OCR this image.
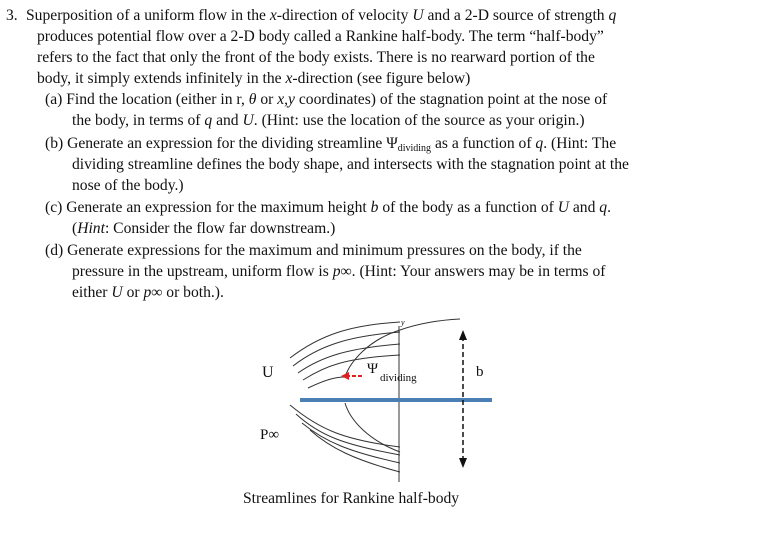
3. Superposition of a uniform flow in the x-direction of velocity U and a 2-D source of strength q
produces potential flow over a 2-D body called a Rankine half-body. The term “half-body”
refers to the fact that only the front of the body exists. There is no rearward portion of the
body, it simply extends infinitely in the x-direction (see figure below)
(a) Find the location (either in r, θ or x,y coordinates) of the stagnation point at the nose of
the body, in terms of q and U. (Hint: use the location of the source as your origin.)
(b) Generate an expression for the dividing streamline $\Psi_{dividing}$ as a function of q. (Hint: The
dividing streamline defines the body shape, and intersects with the stagnation point at the
nose of the body.)
(c) Generate an expression for the maximum height b of the body as a function of U and q.
(Hint: Consider the flow far downstream.)
(d) Generate expressions for the maximum and minimum pressures on the body, if the
pressure in the upstream, uniform flow is p∞. (Hint: Your answers may be in terms of
either U or p∞ or both.).
U
P∞
Ψ
dividing	b
y
Streamlines for Rankine half-body
